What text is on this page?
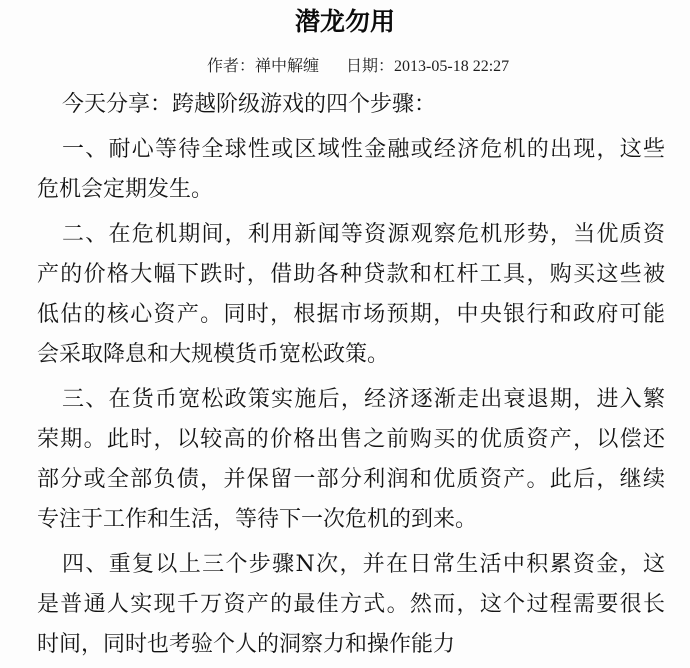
潜龙勿用
作者：禅中解缠 日期：2013-05-18 22:27
今天分享：跨越阶级游戏的四个步骤：
一、耐心等待全球性或区域性金融或经济危机的出现，这些
危机会定期发生。
二、在危机期间，利用新闻等资源观察危机形势，当优质资
产的价格大幅下跌时，借助各种贷款和杠杆工具，购买这些被
低估的核心资产。同时，根据市场预期，中央银行和政府可能
会采取降息和大规模货币宽松政策。
三、在货币宽松政策实施后，经济逐渐走出衰退期，进入繁
荣期。此时，以较高的价格出售之前购买的优质资产，以偿还
部分或全部负债，并保留一部分利润和优质资产。此后，继续
专注于工作和生活，等待下一次危机的到来。
四、重复以上三个步骤N次，并在日常生活中积累资金，这
是普通人实现千万资产的最佳方式。然而，这个过程需要很长
时间，同时也考验个人的洞察力和操作能力
